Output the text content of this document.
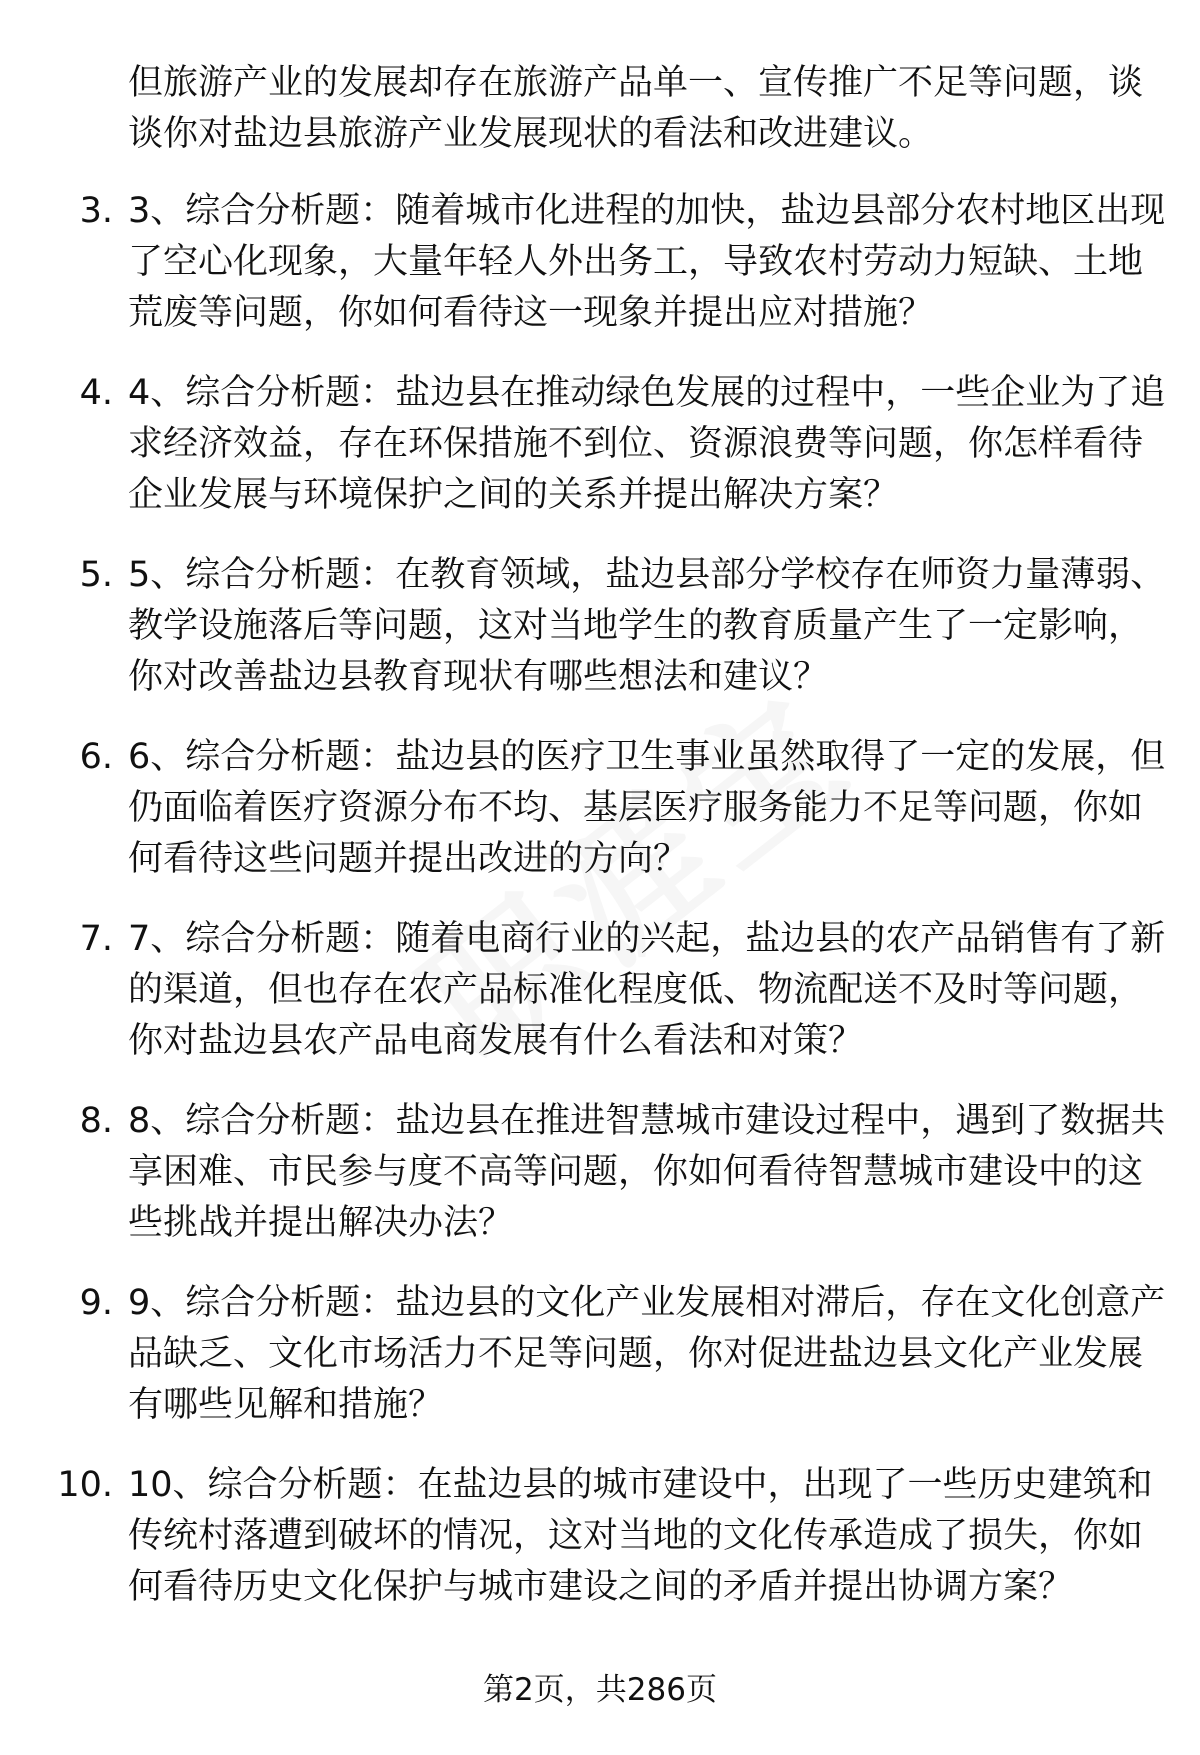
但旅游产业的发展却存在旅游产品单一、宣传推广不足等问题，谈谈你对盐边县旅游产业发展现状的看法和改进建议。
3. 3、综合分析题：随着城市化进程的加快，盐边县部分农村地区出现了空心化现象，大量年轻人外出务工，导致农村劳动力短缺、土地荒废等问题，你如何看待这一现象并提出应对措施？
4. 4、综合分析题：盐边县在推动绿色发展的过程中，一些企业为了追求经济效益，存在环保措施不到位、资源浪费等问题，你怎样看待企业发展与环境保护之间的关系并提出解决方案？
5. 5、综合分析题：在教育领域，盐边县部分学校存在师资力量薄弱、教学设施落后等问题，这对当地学生的教育质量产生了一定影响，你对改善盐边县教育现状有哪些想法和建议？
6. 6、综合分析题：盐边县的医疗卫生事业虽然取得了一定的发展，但仍面临着医疗资源分布不均、基层医疗服务能力不足等问题，你如何看待这些问题并提出改进的方向？
7. 7、综合分析题：随着电商行业的兴起，盐边县的农产品销售有了新的渠道，但也存在农产品标准化程度低、物流配送不及时等问题，你对盐边县农产品电商发展有什么看法和对策？
8. 8、综合分析题：盐边县在推进智慧城市建设过程中，遇到了数据共享困难、市民参与度不高等问题，你如何看待智慧城市建设中的这些挑战并提出解决办法？
9. 9、综合分析题：盐边县的文化产业发展相对滞后，存在文化创意产品缺乏、文化市场活力不足等问题，你对促进盐边县文化产业发展有哪些见解和措施？
10. 10、综合分析题：在盐边县的城市建设中，出现了一些历史建筑和传统村落遭到破坏的情况，这对当地的文化传承造成了损失，你如何看待历史文化保护与城市建设之间的矛盾并提出协调方案？
第2页，共286页
